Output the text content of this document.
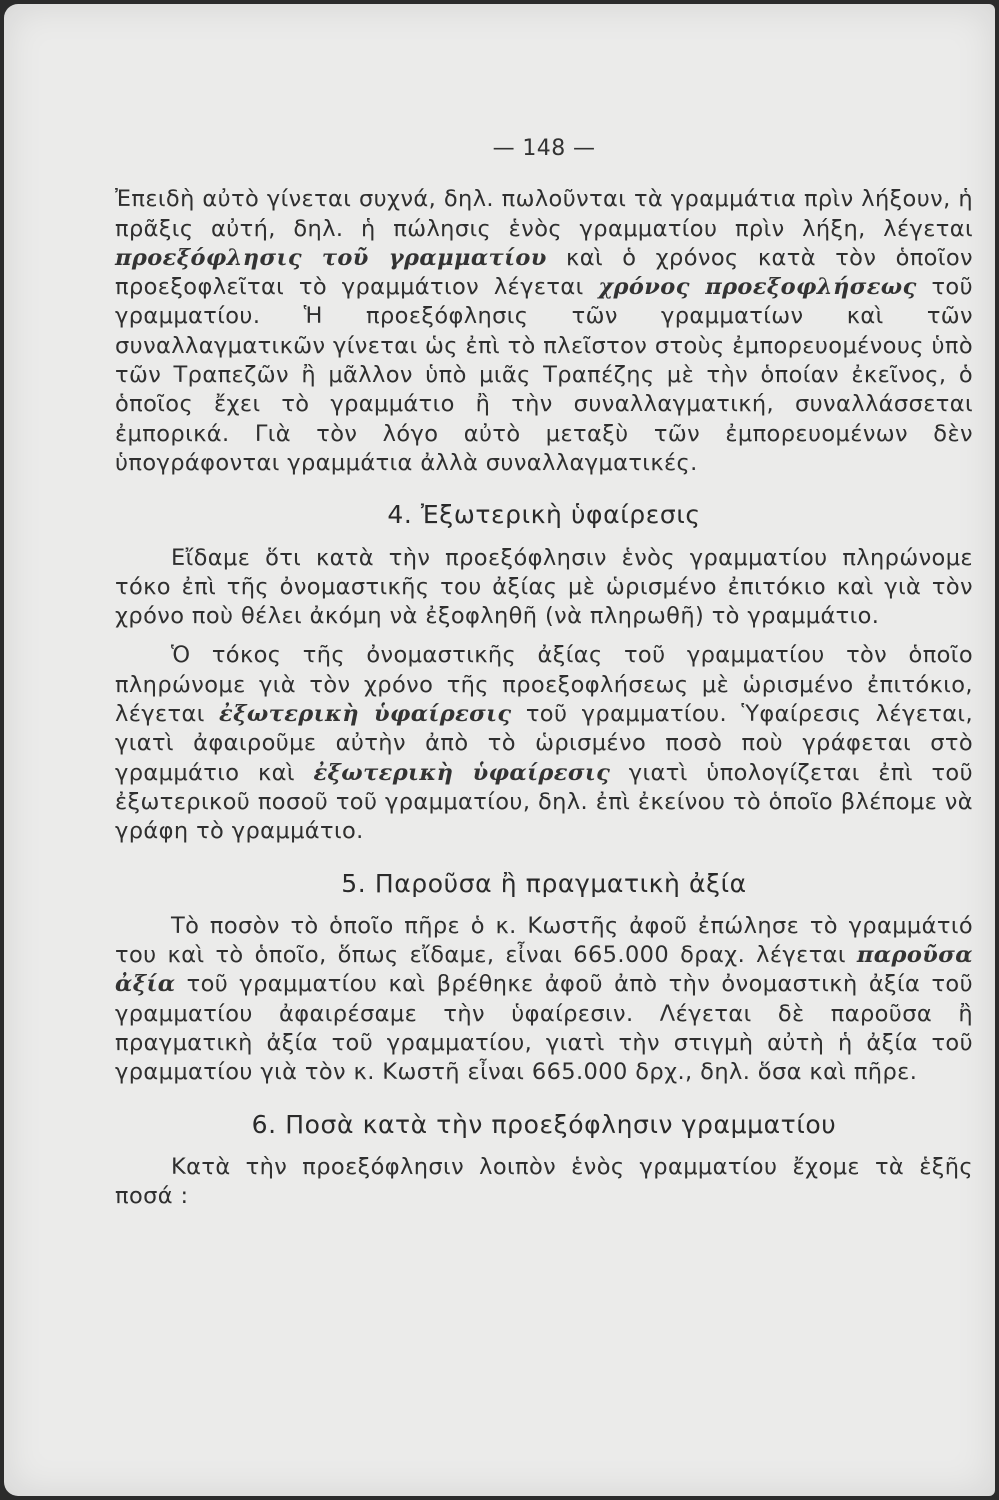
— 148 —

Ἐπειδὴ αὐτὸ γίνεται συχνά, δηλ. πωλοῦνται τὰ γραμμάτια πρὶν λήξουν, ἡ πρᾶξις αὐτή, δηλ. ἡ πώλησις ἑνὸς γραμματίου πρὶν λήξη, λέγεται προεξόφλησις τοῦ γραμματίου καὶ ὁ χρόνος κατὰ τὸν ὁποῖον προεξοφλεῖται τὸ γραμμάτιον λέγεται χρόνος προεξοφλήσεως τοῦ γραμματίου. Ἡ προεξόφλησις τῶν γραμματίων καὶ τῶν συναλλαγματικῶν γίνεται ὡς ἐπὶ τὸ πλεῖστον στοὺς ἐμπορευομένους ὑπὸ τῶν Τραπεζῶν ἢ μᾶλλον ὑπὸ μιᾶς Τραπέζης μὲ τὴν ὁποίαν ἐκεῖνος, ὁ ὁποῖος ἔχει τὸ γραμμάτιο ἢ τὴν συναλλαγματική, συναλλάσσεται ἐμπορικά. Γιὰ τὸν λόγο αὐτὸ μεταξὺ τῶν ἐμπορευομένων δὲν ὑπογράφονται γραμμάτια ἀλλὰ συναλλαγματικές.

4. Ἐξωτερικὴ ὑφαίρεσις

Εἴδαμε ὅτι κατὰ τὴν προεξόφλησιν ἑνὸς γραμματίου πληρώνομε τόκο ἐπὶ τῆς ὀνομαστικῆς του ἀξίας μὲ ὡρισμένο ἐπιτόκιο καὶ γιὰ τὸν χρόνο ποὺ θέλει ἀκόμη νὰ ἐξοφληθῆ (νὰ πληρωθῆ) τὸ γραμμάτιο.

Ὁ τόκος τῆς ὀνομαστικῆς ἀξίας τοῦ γραμματίου τὸν ὁποῖο πληρώνομε γιὰ τὸν χρόνο τῆς προεξοφλήσεως μὲ ὡρισμένο ἐπιτόκιο, λέγεται ἐξωτερικὴ ὑφαίρεσις τοῦ γραμματίου. Ὑφαίρεσις λέγεται, γιατὶ ἀφαιροῦμε αὐτὴν ἀπὸ τὸ ὡρισμένο ποσὸ ποὺ γράφεται στὸ γραμμάτιο καὶ ἐξωτερικὴ ὑφαίρεσις γιατὶ ὑπολογίζεται ἐπὶ τοῦ ἐξωτερικοῦ ποσοῦ τοῦ γραμματίου, δηλ. ἐπὶ ἐκείνου τὸ ὁποῖο βλέπομε νὰ γράφη τὸ γραμμάτιο.

5. Παροῦσα ἢ πραγματικὴ ἀξία

Τὸ ποσὸν τὸ ὁποῖο πῆρε ὁ κ. Κωστῆς ἀφοῦ ἐπώλησε τὸ γραμμάτιό του καὶ τὸ ὁποῖο, ὅπως εἴδαμε, εἶναι 665.000 δραχ. λέγεται παροῦσα ἀξία τοῦ γραμματίου καὶ βρέθηκε ἀφοῦ ἀπὸ τὴν ὀνομαστικὴ ἀξία τοῦ γραμματίου ἀφαιρέσαμε τὴν ὑφαίρεσιν. Λέγεται δὲ παροῦσα ἢ πραγματικὴ ἀξία τοῦ γραμματίου, γιατὶ τὴν στιγμὴ αὐτὴ ἡ ἀξία τοῦ γραμματίου γιὰ τὸν κ. Κωστῆ εἶναι 665.000 δρχ., δηλ. ὅσα καὶ πῆρε.

6. Ποσὰ κατὰ τὴν προεξόφλησιν γραμματίου

Κατὰ τὴν προεξόφλησιν λοιπὸν ἑνὸς γραμματίου ἔχομε τὰ ἑξῆς ποσά :
